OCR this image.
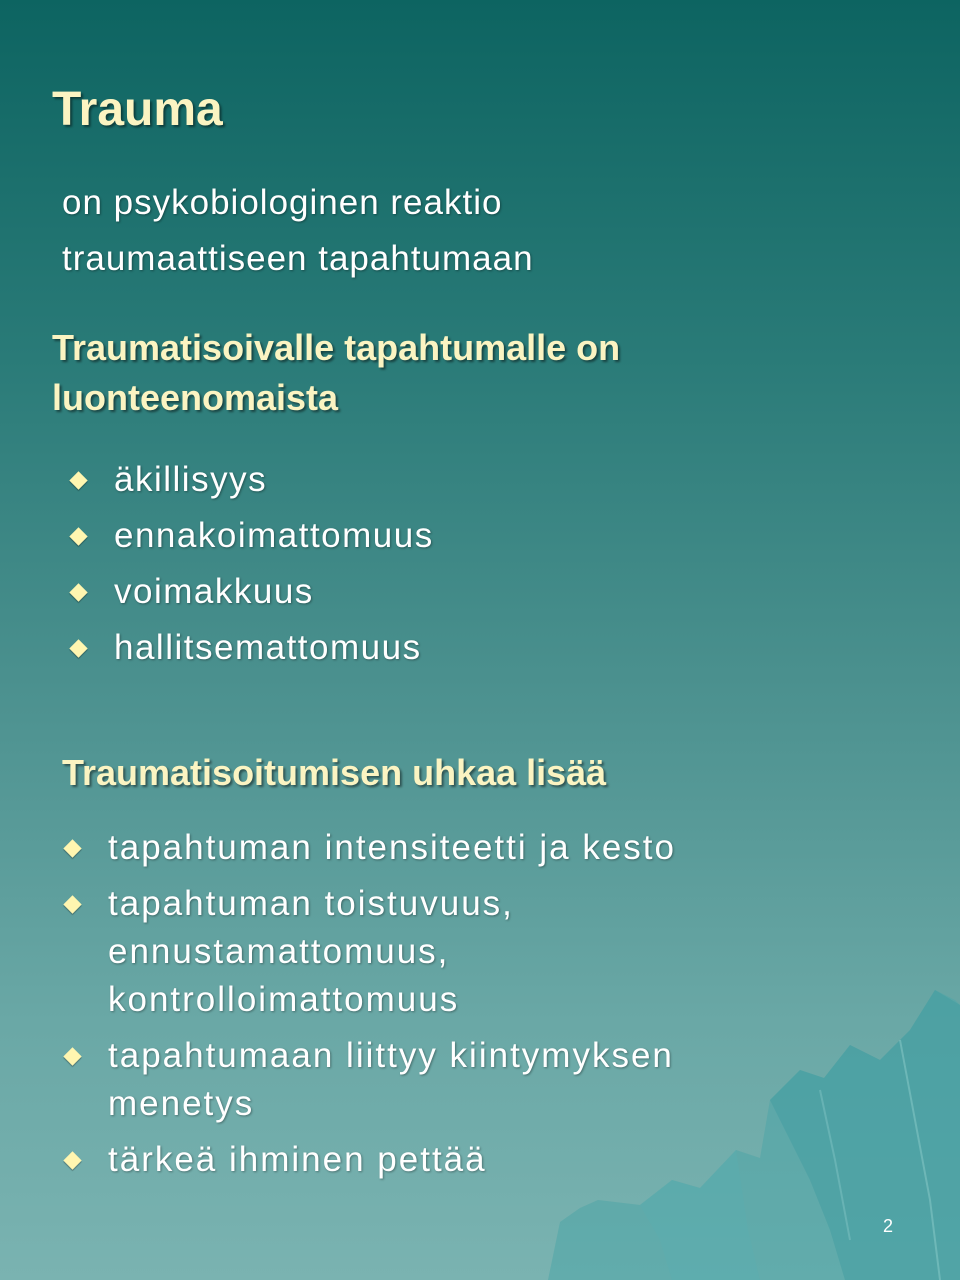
Trauma
on psykobiologinen reaktio
traumaattiseen tapahtumaan
Traumatisoivalle tapahtumalle on
luonteenomaista
äkillisyys
ennakoimattomuus
voimakkuus
hallitsemattomuus
Traumatisoitumisen uhkaa lisää
tapahtuman intensiteetti ja kesto
tapahtuman toistuvuus,
ennustamattomuus,
kontrolloimattomuus
tapahtumaan liittyy kiintymyksen
menetys
tärkeä ihminen pettää
2
